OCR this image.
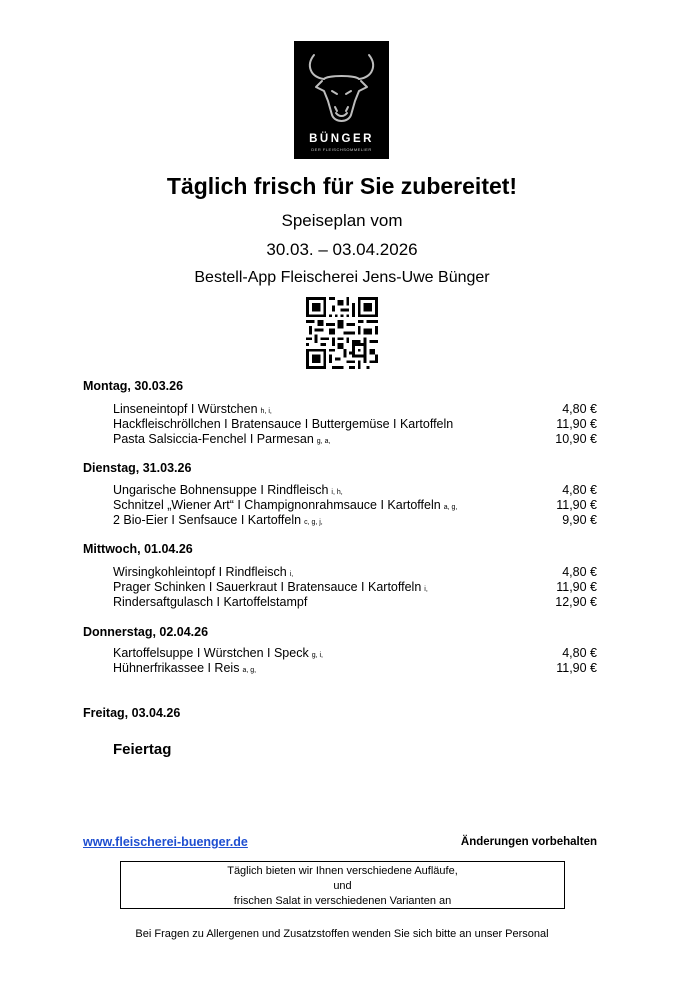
BÜNGER
DER FLEISCHSOMMELIER
Täglich frisch für Sie zubereitet!
Speiseplan vom
30.03. – 03.04.2026
Bestell-App Fleischerei Jens-Uwe Bünger
Montag, 30.03.26
Linseneintopf I Würstchen h, i,	4,80 €
Hackfleischröllchen I Bratensauce I Buttergemüse I Kartoffeln	11,90 €
Pasta Salsiccia-Fenchel I Parmesan g, a,	10,90 €
Dienstag, 31.03.26
Ungarische Bohnensuppe I Rindfleisch i, h,	4,80 €
Schnitzel „Wiener Art“ I Champignonrahmsauce I Kartoffeln a, g,	11,90 €
2 Bio-Eier I Senfsauce I Kartoffeln c, g, j,	9,90 €
Mittwoch, 01.04.26
Wirsingkohleintopf I Rindfleisch i,	4,80 €
Prager Schinken I Sauerkraut I Bratensauce I Kartoffeln i,	11,90 €
Rindersaftgulasch I Kartoffelstampf	12,90 €
Donnerstag, 02.04.26
Kartoffelsuppe I Würstchen I Speck g, i,	4,80 €
Hühnerfrikassee I Reis a, g,	11,90 €
Freitag, 03.04.26
Feiertag
www.fleischerei-buenger.de	Änderungen vorbehalten
Täglich bieten wir Ihnen verschiedene Aufläufe,
und
frischen Salat in verschiedenen Varianten an
Bei Fragen zu Allergenen und Zusatzstoffen wenden Sie sich bitte an unser Personal
